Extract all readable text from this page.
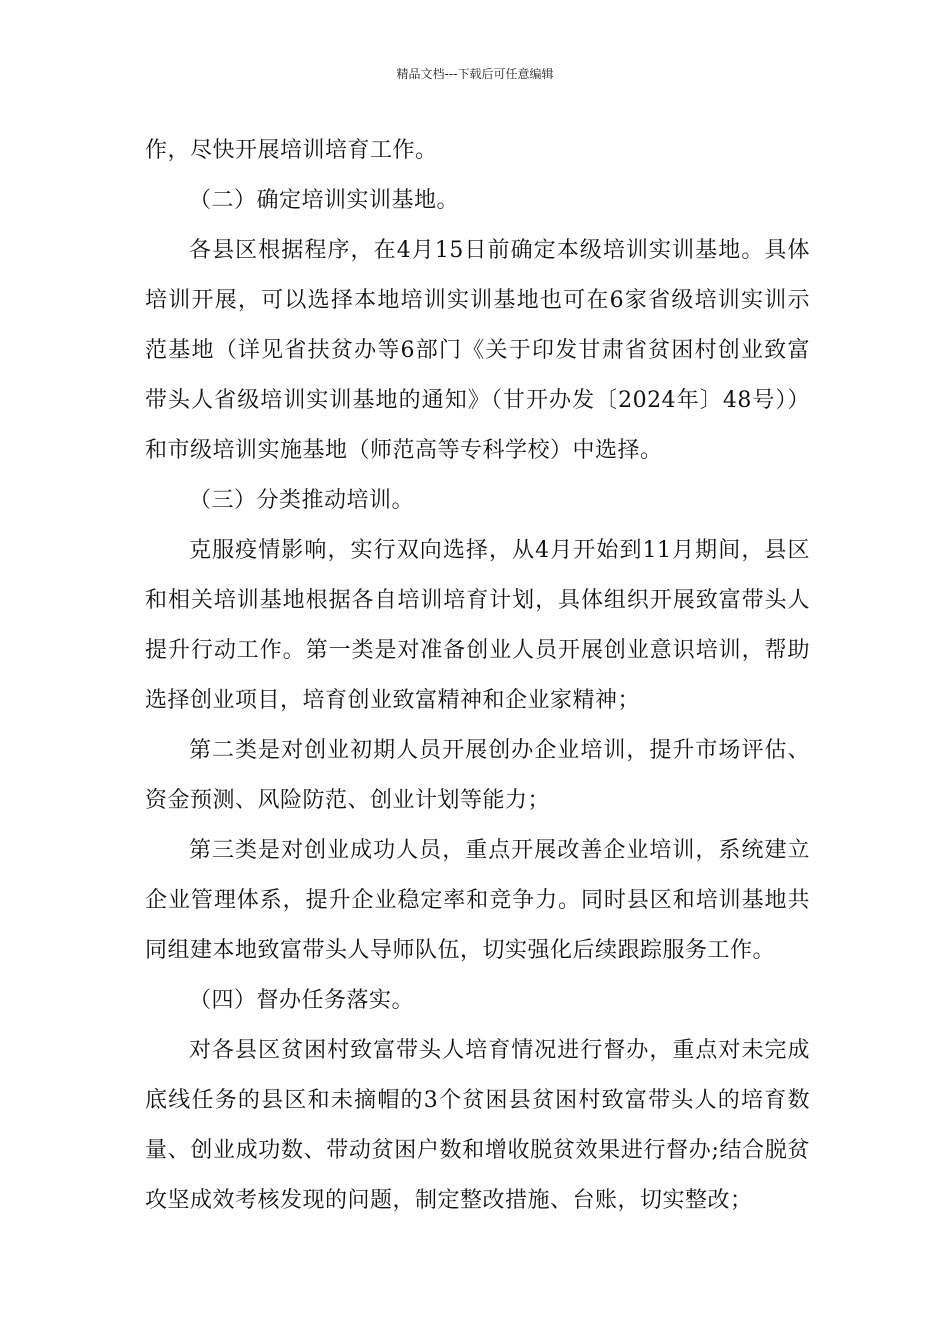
精品文档---下载后可任意编辑

作，尽快开展培训培育工作。

（二）确定培训实训基地。

各县区根据程序，在4月15日前确定本级培训实训基地。具体培训开展，可以选择本地培训实训基地也可在6家省级培训实训示范基地（详见省扶贫办等6部门《关于印发甘肃省贫困村创业致富带头人省级培训实训基地的通知》（甘开办发〔2024年〕48号））和市级培训实施基地（师范高等专科学校）中选择。

（三）分类推动培训。

克服疫情影响，实行双向选择，从4月开始到11月期间，县区和相关培训基地根据各自培训培育计划，具体组织开展致富带头人提升行动工作。第一类是对准备创业人员开展创业意识培训，帮助选择创业项目，培育创业致富精神和企业家精神；

第二类是对创业初期人员开展创办企业培训，提升市场评估、资金预测、风险防范、创业计划等能力；

第三类是对创业成功人员，重点开展改善企业培训，系统建立企业管理体系，提升企业稳定率和竞争力。同时县区和培训基地共同组建本地致富带头人导师队伍，切实强化后续跟踪服务工作。

（四）督办任务落实。

对各县区贫困村致富带头人培育情况进行督办，重点对未完成底线任务的县区和未摘帽的3个贫困县贫困村致富带头人的培育数量、创业成功数、带动贫困户数和增收脱贫效果进行督办;结合脱贫攻坚成效考核发现的问题，制定整改措施、台账，切实整改；
